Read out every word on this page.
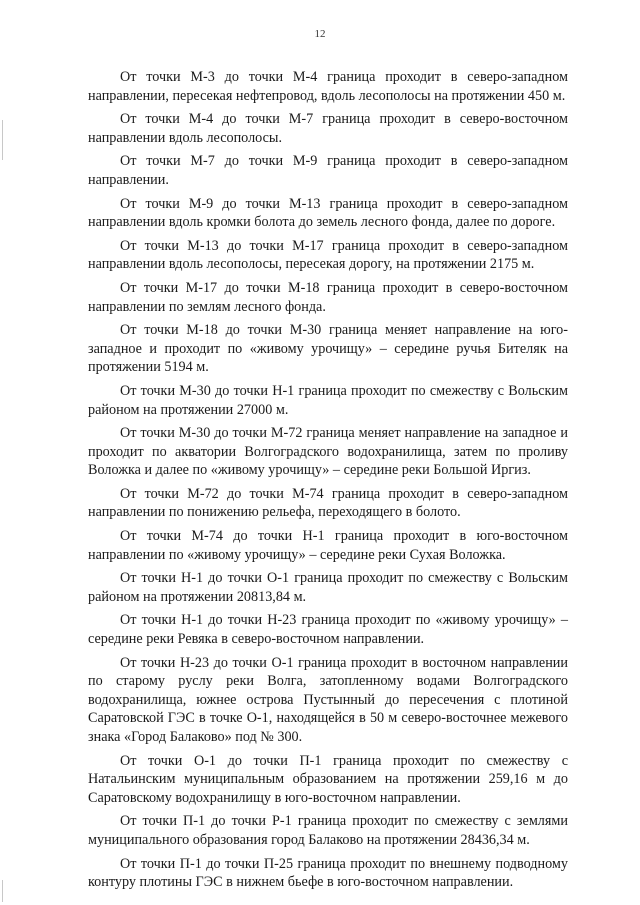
12

От точки М-3 до точки М-4 граница проходит в северо-западном направлении, пересекая нефтепровод, вдоль лесополосы на протяжении 450 м.

От точки М-4 до точки М-7 граница проходит в северо-восточном направлении вдоль лесополосы.

От точки М-7 до точки М-9 граница проходит в северо-западном направлении.

От точки М-9 до точки М-13 граница проходит в северо-западном направлении вдоль кромки болота до земель лесного фонда, далее по дороге.

От точки М-13 до точки М-17 граница проходит в северо-западном направлении вдоль лесополосы, пересекая дорогу, на протяжении 2175 м.

От точки М-17 до точки М-18 граница проходит в северо-восточном направлении по землям лесного фонда.

От точки М-18 до точки М-30 граница меняет направление на юго-западное и проходит по «живому урочищу» – середине ручья Бителяк на протяжении 5194 м.

От точки М-30 до точки Н-1 граница проходит по смежеству с Вольским районом на протяжении 27000 м.

От точки М-30 до точки М-72 граница меняет направление на западное и проходит по акватории Волгоградского водохранилища, затем по проливу Воложка и далее по «живому урочищу» – середине реки Большой Иргиз.

От точки М-72 до точки М-74 граница проходит в северо-западном направлении по понижению рельефа, переходящего в болото.

От точки М-74 до точки Н-1 граница проходит в юго-восточном направлении по «живому урочищу» – середине реки Сухая Воложка.

От точки Н-1 до точки О-1 граница проходит по смежеству с Вольским районом на протяжении 20813,84 м.

От точки Н-1 до точки Н-23 граница проходит по «живому урочищу» – середине реки Ревяка в северо-восточном направлении.

От точки Н-23 до точки О-1 граница проходит в восточном направлении по старому руслу реки Волга, затопленному водами Волгоградского водохранилища, южнее острова Пустынный до пересечения с плотиной Саратовской ГЭС в точке О-1, находящейся в 50 м северо-восточнее межевого знака «Город Балаково» под № 300.

От точки О-1 до точки П-1 граница проходит по смежеству с Натальинским муниципальным образованием на протяжении 259,16 м до Саратовскому водохранилищу в юго-восточном направлении.

От точки П-1 до точки Р-1 граница проходит по смежеству с землями муниципального образования город Балаково на протяжении 28436,34 м.

От точки П-1 до точки П-25 граница проходит по внешнему подводному контуру плотины ГЭС в нижнем бьефе в юго-восточном направлении.
